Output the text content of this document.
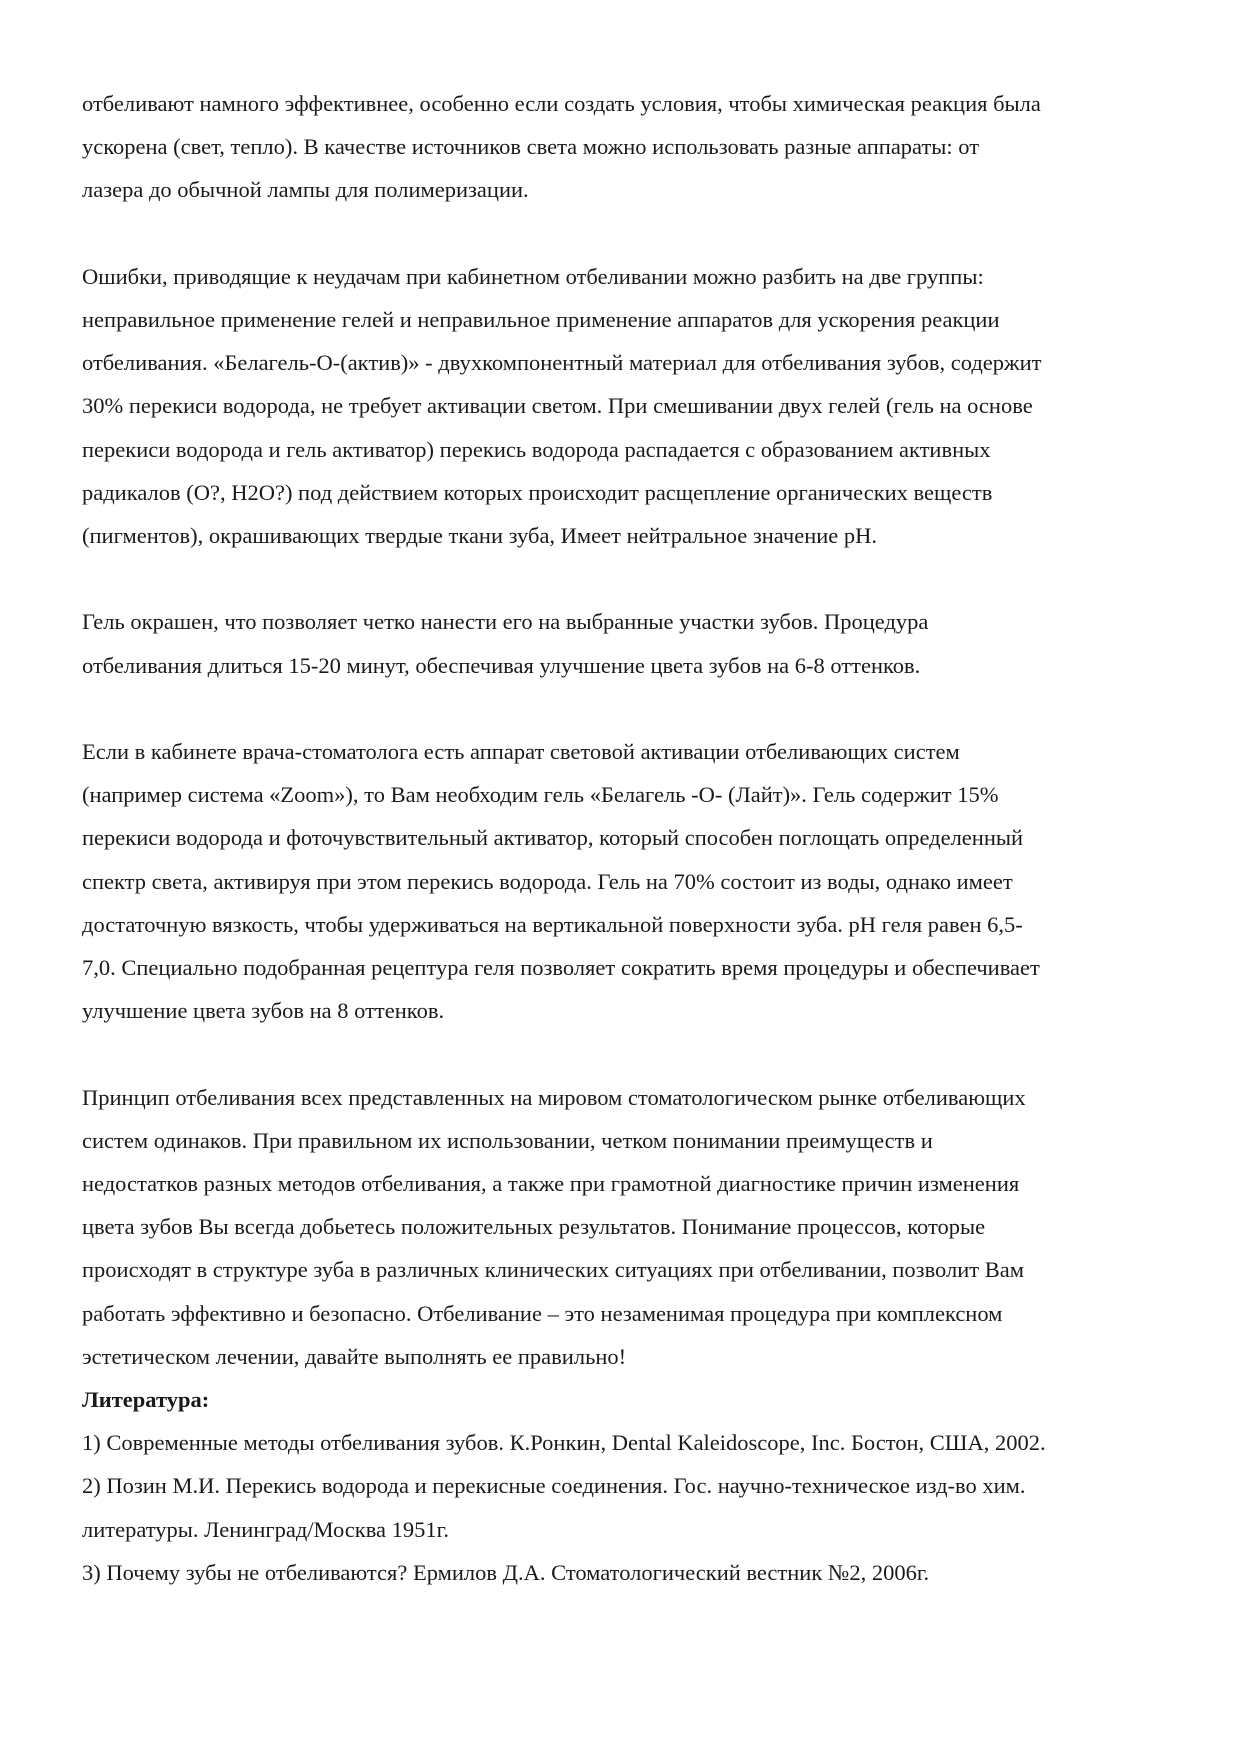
отбеливают намного эффективнее, особенно если создать условия, чтобы химическая реакция была
ускорена (свет, тепло). В качестве источников света можно использовать разные аппараты: от
лазера до обычной лампы для полимеризации.

Ошибки, приводящие к неудачам при кабинетном отбеливании можно разбить на две группы:
неправильное применение гелей и неправильное применение аппаратов для ускорения реакции
отбеливания. «Белагель-О-(актив)» - двухкомпонентный материал для отбеливания зубов, содержит
30% перекиси водорода, не требует активации светом. При смешивании двух гелей (гель на основе
перекиси водорода и гель активатор) перекись водорода распадается с образованием активных
радикалов (О?, Н2О?) под действием которых происходит расщепление органических веществ
(пигментов), окрашивающих твердые ткани зуба, Имеет нейтральное значение рН.

Гель окрашен, что позволяет четко нанести его на выбранные участки зубов. Процедура
отбеливания длиться 15-20 минут, обеспечивая улучшение цвета зубов на 6-8 оттенков.

Если в кабинете врача-стоматолога есть аппарат световой активации отбеливающих систем
(например система «Zoom»), то Вам необходим гель «Белагель -О- (Лайт)». Гель содержит 15%
перекиси водорода и фоточувствительный активатор, который способен поглощать определенный
спектр света, активируя при этом перекись водорода. Гель на 70% состоит из воды, однако имеет
достаточную вязкость, чтобы удерживаться на вертикальной поверхности зуба. рН геля равен 6,5-
7,0. Специально подобранная рецептура геля позволяет сократить время процедуры и обеспечивает
улучшение цвета зубов на 8 оттенков.

Принцип отбеливания всех представленных на мировом стоматологическом рынке отбеливающих
систем одинаков. При правильном их использовании, четком понимании преимуществ и
недостатков разных методов отбеливания, а также при грамотной диагностике причин изменения
цвета зубов Вы всегда добьетесь положительных результатов. Понимание процессов, которые
происходят в структуре зуба в различных клинических ситуациях при отбеливании, позволит Вам
работать эффективно и безопасно. Отбеливание – это незаменимая процедура при комплексном
эстетическом лечении, давайте выполнять ее правильно!

Литература:

1) Современные методы отбеливания зубов. К.Ронкин, Dental Kaleidoscope, Inc. Бостон, США, 2002.

2) Позин М.И. Перекись водорода и перекисные соединения. Гос. научно-техническое изд-во хим.
литературы. Ленинград/Москва 1951г.

3) Почему зубы не отбеливаются? Ермилов Д.А. Стоматологический вестник №2, 2006г.
